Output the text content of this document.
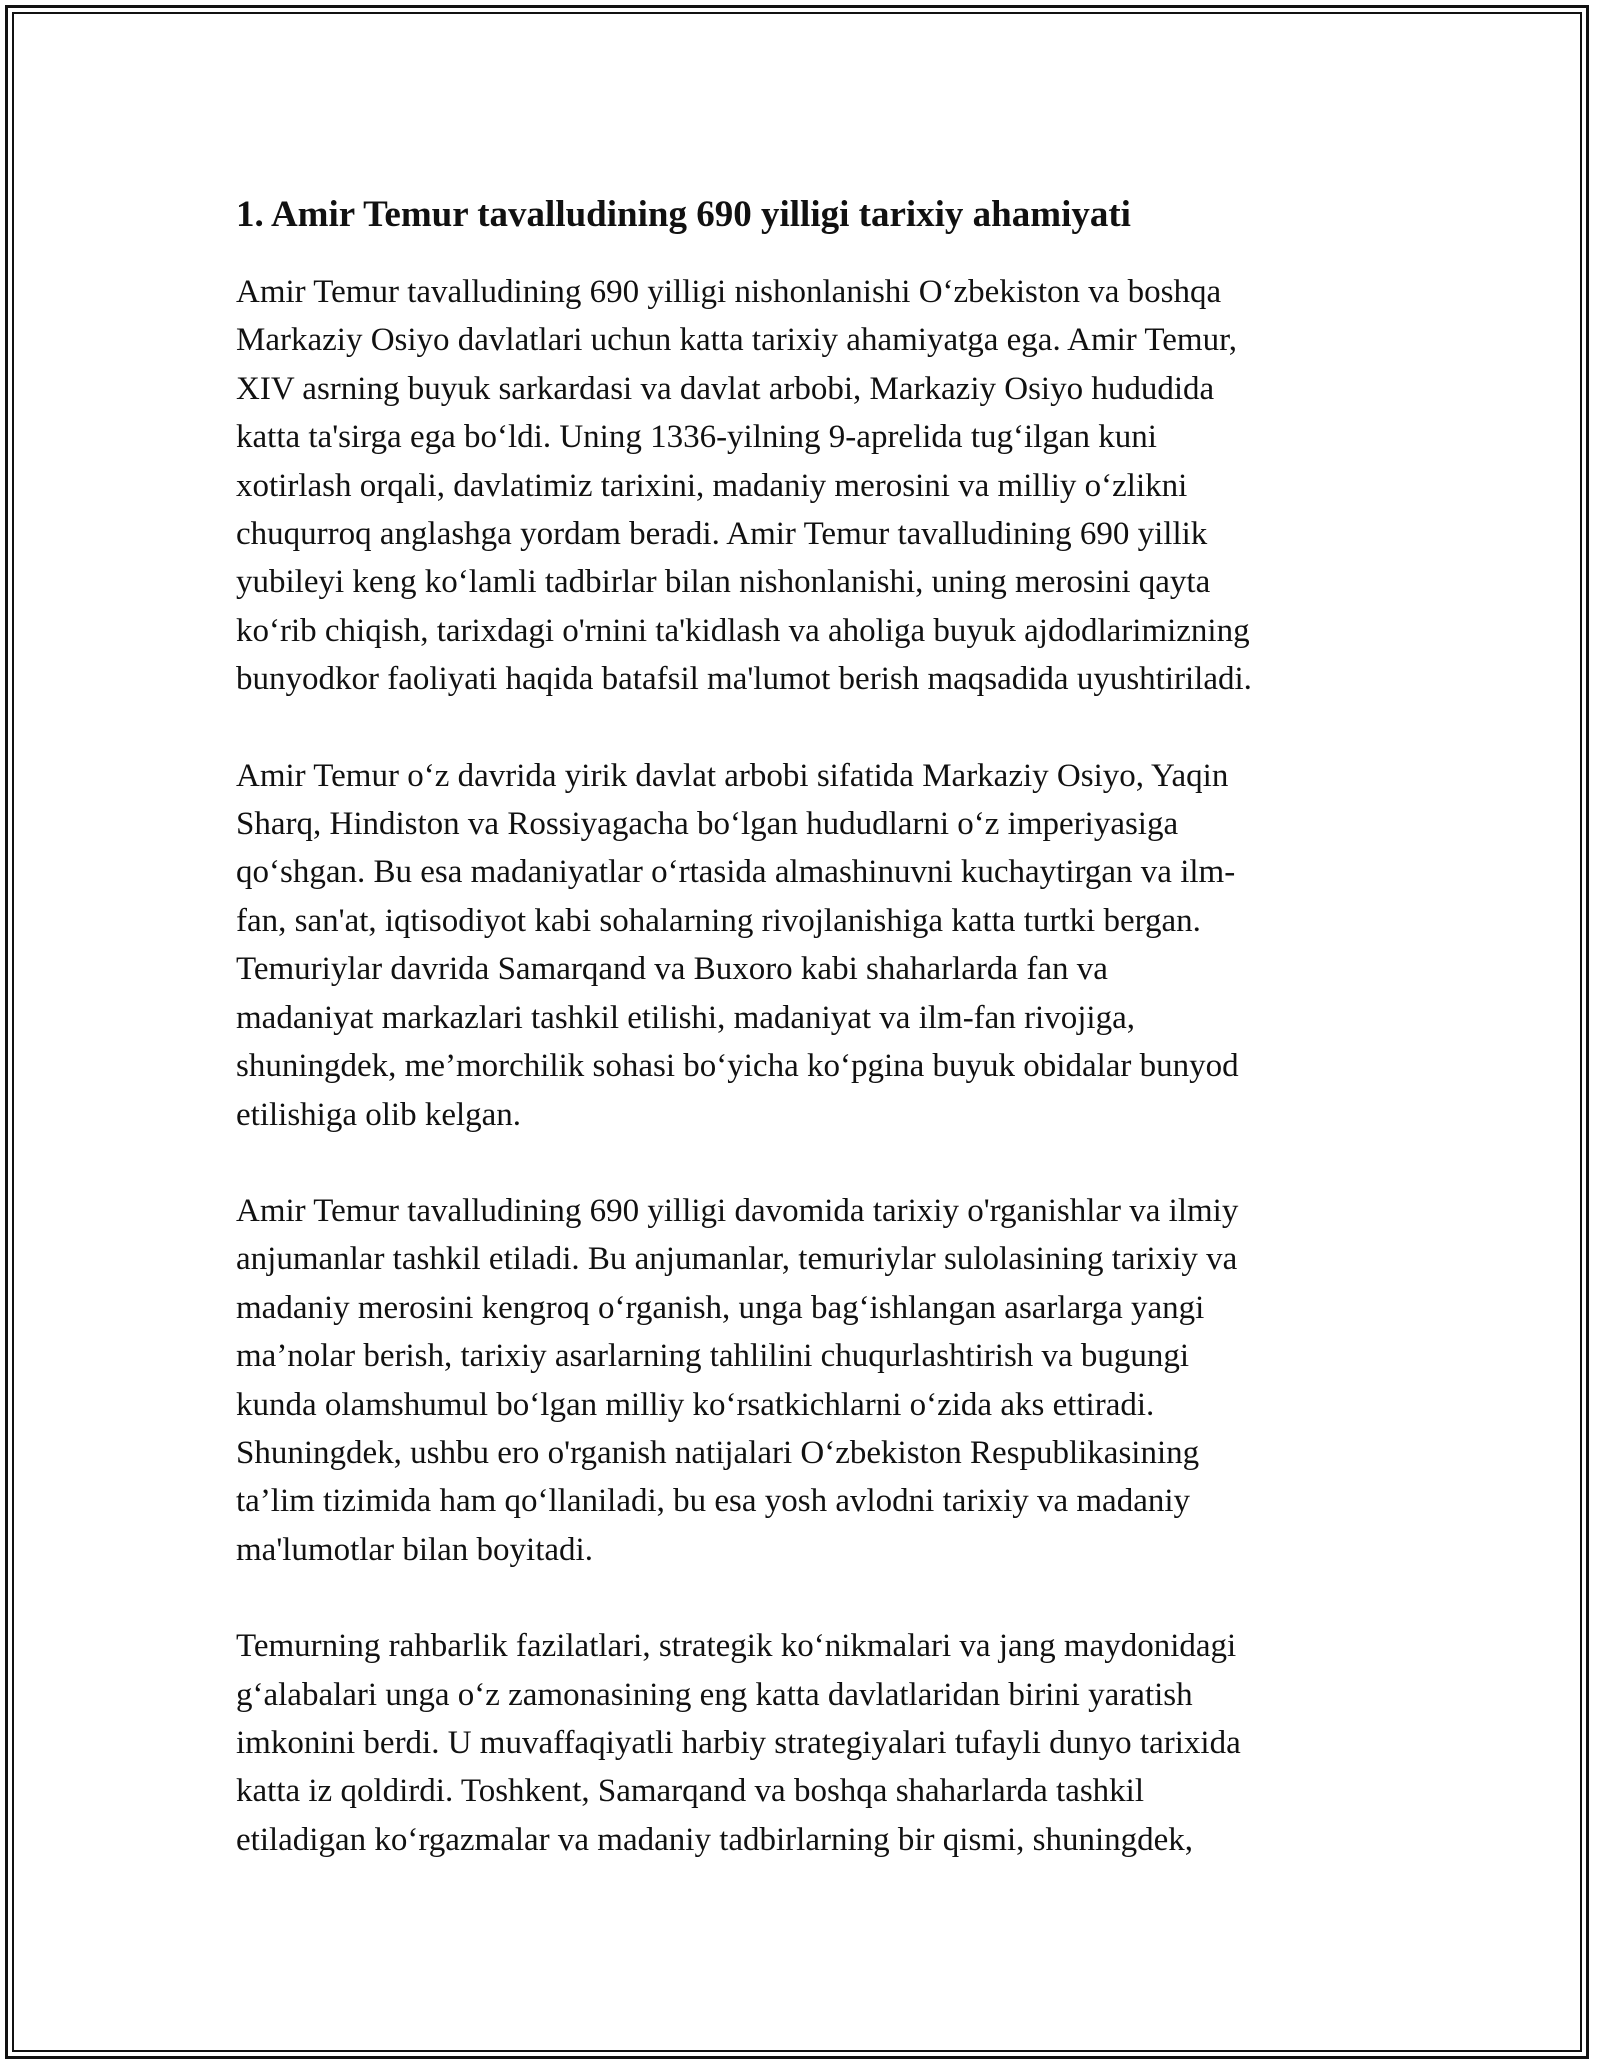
1. Amir Temur tavalludining 690 yilligi tarixiy ahamiyati

Amir Temur tavalludining 690 yilligi nishonlanishi O‘zbekiston va boshqa
Markaziy Osiyo davlatlari uchun katta tarixiy ahamiyatga ega. Amir Temur,
XIV asrning buyuk sarkardasi va davlat arbobi, Markaziy Osiyo hududida
katta ta'sirga ega bo‘ldi. Uning 1336-yilning 9-aprelida tug‘ilgan kuni
xotirlash orqali, davlatimiz tarixini, madaniy merosini va milliy o‘zlikni
chuqurroq anglashga yordam beradi. Amir Temur tavalludining 690 yillik
yubileyi keng ko‘lamli tadbirlar bilan nishonlanishi, uning merosini qayta
ko‘rib chiqish, tarixdagi o'rnini ta'kidlash va aholiga buyuk ajdodlarimizning
bunyodkor faoliyati haqida batafsil ma'lumot berish maqsadida uyushtiriladi.

Amir Temur o‘z davrida yirik davlat arbobi sifatida Markaziy Osiyo, Yaqin
Sharq, Hindiston va Rossiyagacha bo‘lgan hududlarni o‘z imperiyasiga
qo‘shgan. Bu esa madaniyatlar o‘rtasida almashinuvni kuchaytirgan va ilm-
fan, san'at, iqtisodiyot kabi sohalarning rivojlanishiga katta turtki bergan.
Temuriylar davrida Samarqand va Buxoro kabi shaharlarda fan va
madaniyat markazlari tashkil etilishi, madaniyat va ilm-fan rivojiga,
shuningdek, me’morchilik sohasi bo‘yicha ko‘pgina buyuk obidalar bunyod
etilishiga olib kelgan.

Amir Temur tavalludining 690 yilligi davomida tarixiy o'rganishlar va ilmiy
anjumanlar tashkil etiladi. Bu anjumanlar, temuriylar sulolasining tarixiy va
madaniy merosini kengroq o‘rganish, unga bag‘ishlangan asarlarga yangi
ma’nolar berish, tarixiy asarlarning tahlilini chuqurlashtirish va bugungi
kunda olamshumul bo‘lgan milliy ko‘rsatkichlarni o‘zida aks ettiradi.
Shuningdek, ushbu ero o'rganish natijalari O‘zbekiston Respublikasining
ta’lim tizimida ham qo‘llaniladi, bu esa yosh avlodni tarixiy va madaniy
ma'lumotlar bilan boyitadi.

Temurning rahbarlik fazilatlari, strategik ko‘nikmalari va jang maydonidagi
g‘alabalari unga o‘z zamonasining eng katta davlatlaridan birini yaratish
imkonini berdi. U muvaffaqiyatli harbiy strategiyalari tufayli dunyo tarixida
katta iz qoldirdi. Toshkent, Samarqand va boshqa shaharlarda tashkil
etiladigan ko‘rgazmalar va madaniy tadbirlarning bir qismi, shuningdek,
